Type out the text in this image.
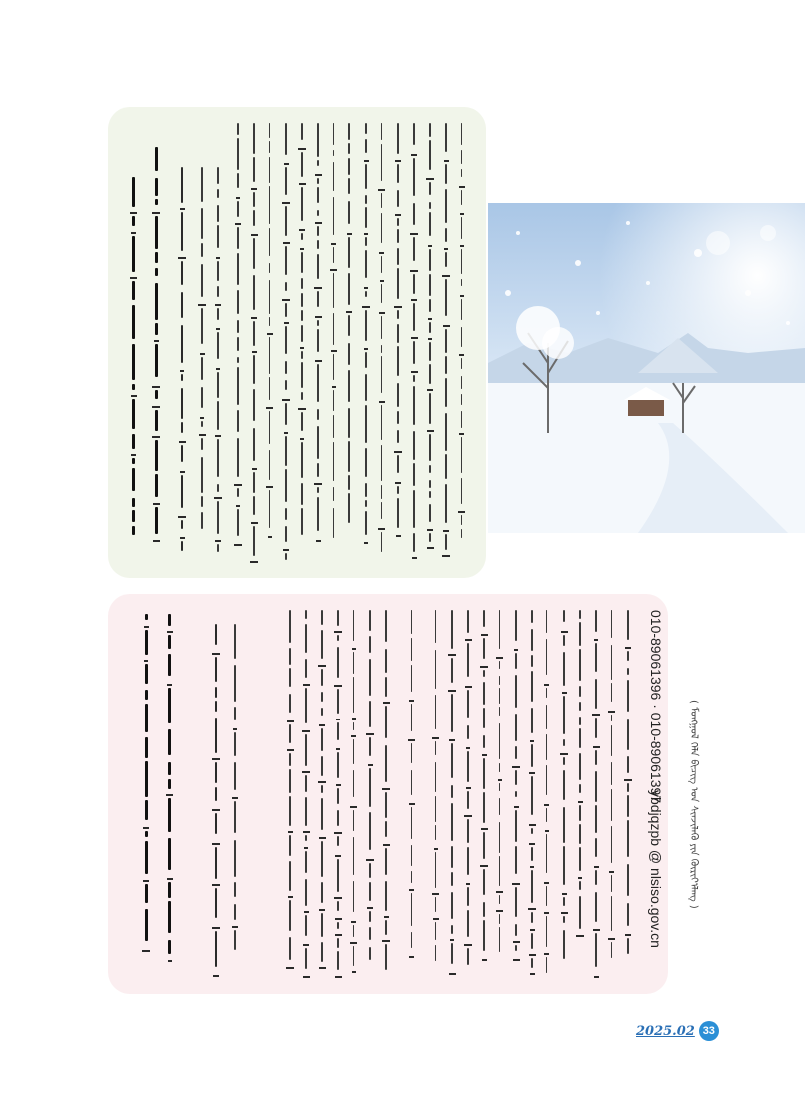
010-89061396 · 010-89061397
ybdjqzpb @ nlsiso.gov.cn	( ᠮᠣᠩᠭᠣᠯ ᠬᠡᠯᠡ ᠪᠢᠴᠢᠭ ᠤᠨ ᠰᠢᠨᠵᠢᠯᠡᠬᠦ ᠶᠢᠨ ᠬᠥᠷᠢᠶ᠎ᠡᠯᠡᠩ )
2025.02 33
